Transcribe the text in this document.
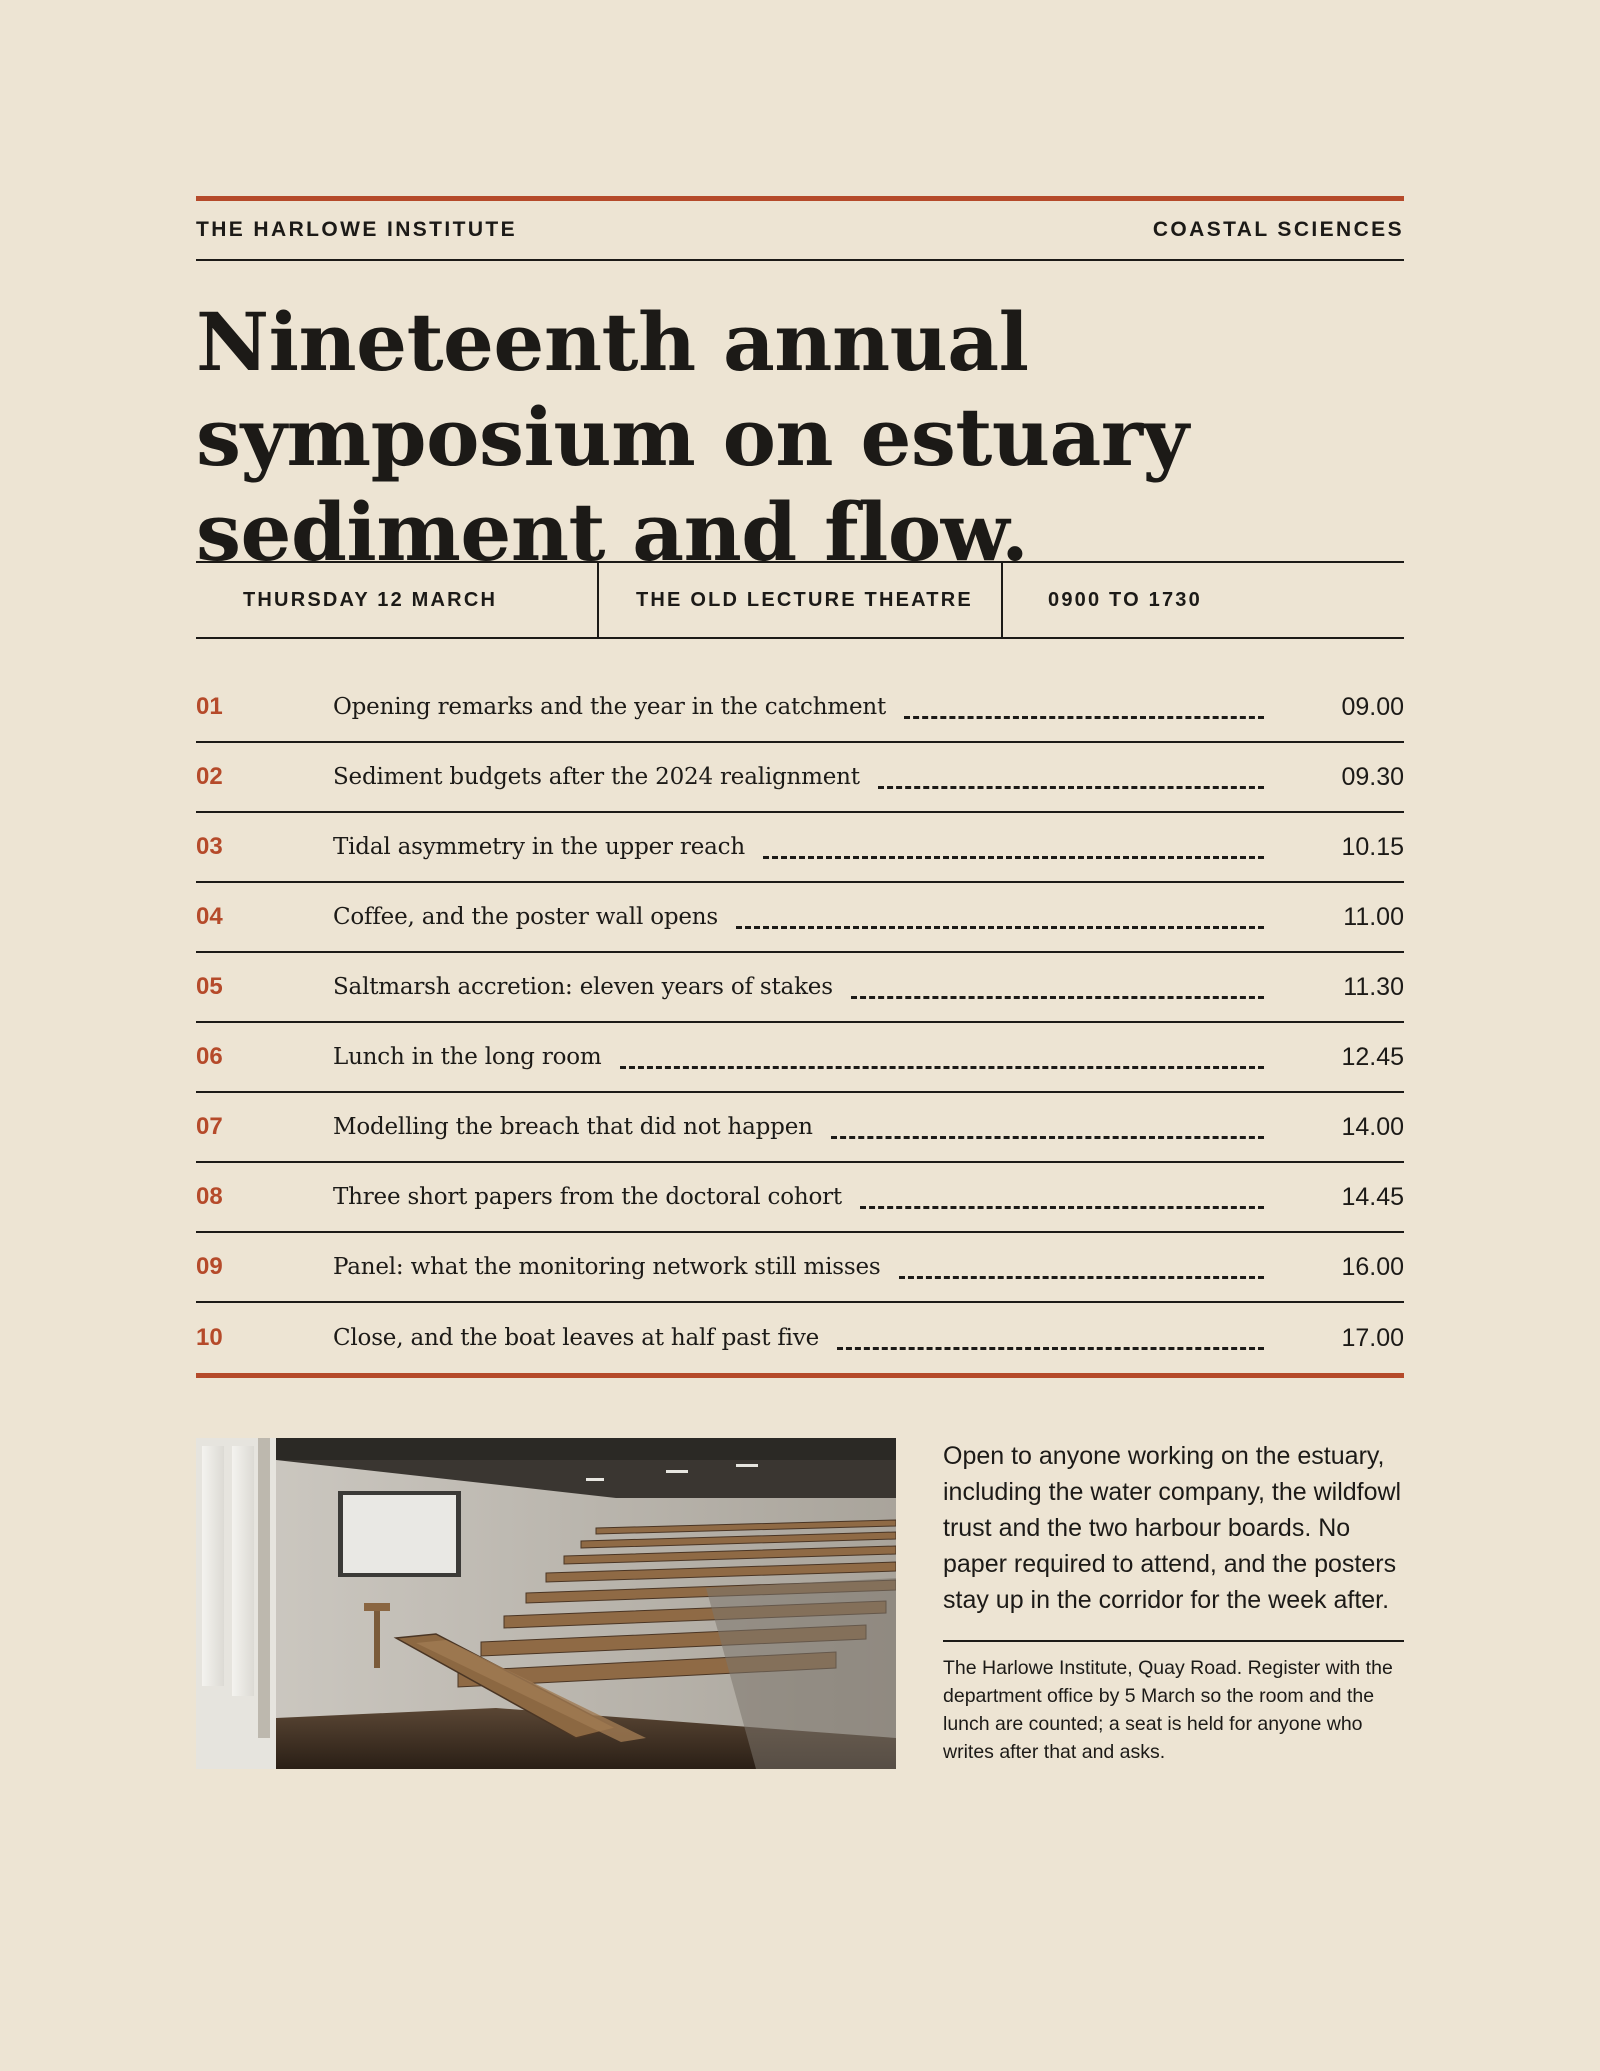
THE HARLOWE INSTITUTE	COASTAL SCIENCES
Nineteenth annual
symposium on estuary
sediment and flow.
THURSDAY 12 MARCH	THE OLD LECTURE THEATRE	0900 TO 1730
01	Opening remarks and the year in the catchment	09.00
02	Sediment budgets after the 2024 realignment	09.30
03	Tidal asymmetry in the upper reach	10.15
04	Coffee, and the poster wall opens	11.00
05	Saltmarsh accretion: eleven years of stakes	11.30
06	Lunch in the long room	12.45
07	Modelling the breach that did not happen	14.00
08	Three short papers from the doctoral cohort	14.45
09	Panel: what the monitoring network still misses	16.00
10	Close, and the boat leaves at half past five	17.00

Open to anyone working on the estuary, including the water company, the wildfowl trust and the two harbour boards. No paper required to attend, and the posters stay up in the corridor for the week after.

The Harlowe Institute, Quay Road. Register with the department office by 5 March so the room and the lunch are counted; a seat is held for anyone who writes after that and asks.
